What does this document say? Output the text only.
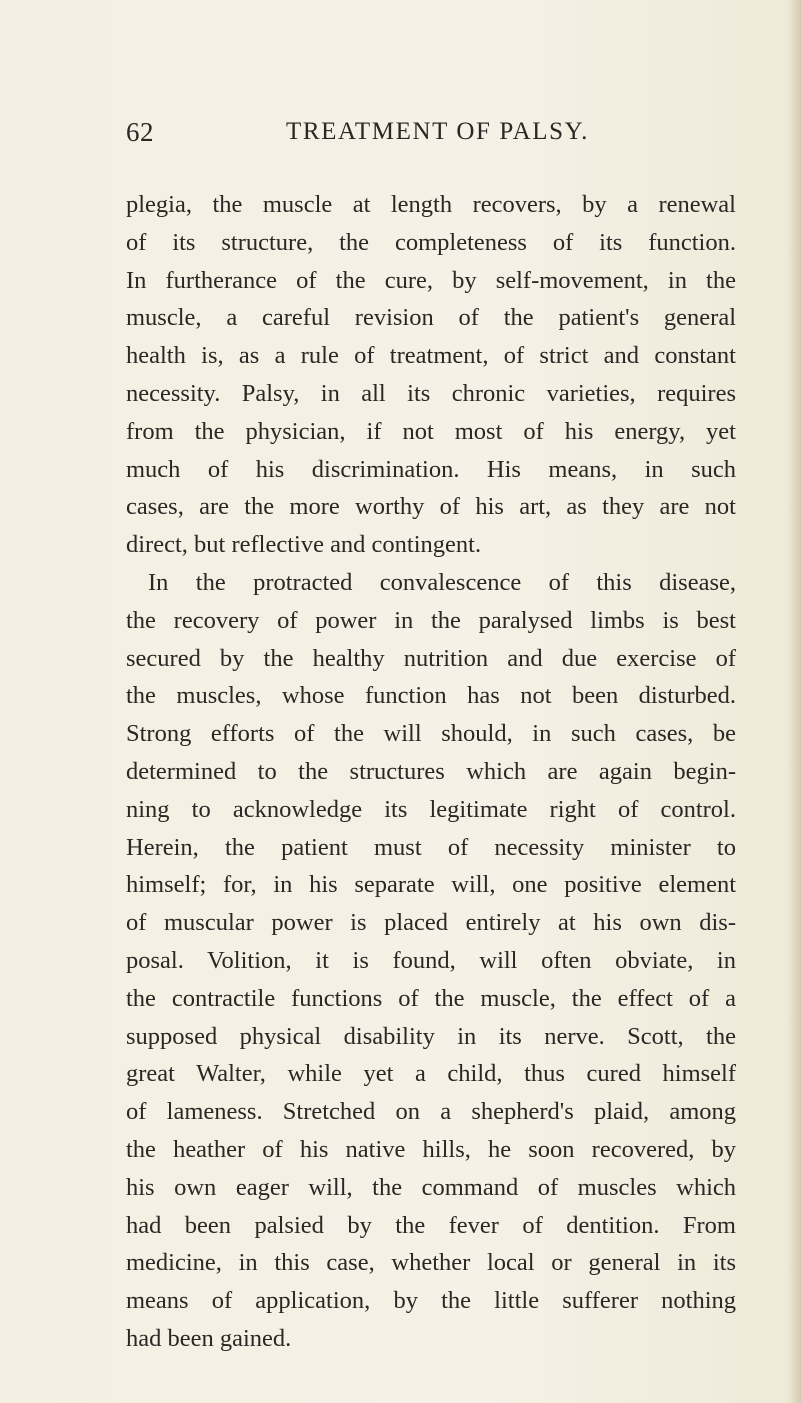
62	TREATMENT OF PALSY.
plegia, the muscle at length recovers, by a renewal
of its structure, the completeness of its function.
In furtherance of the cure, by self-movement, in the
muscle, a careful revision of the patient's general
health is, as a rule of treatment, of strict and constant
necessity. Palsy, in all its chronic varieties, requires
from the physician, if not most of his energy, yet
much of his discrimination. His means, in such
cases, are the more worthy of his art, as they are not
direct, but reflective and contingent.
In the protracted convalescence of this disease,
the recovery of power in the paralysed limbs is best
secured by the healthy nutrition and due exercise of
the muscles, whose function has not been disturbed.
Strong efforts of the will should, in such cases, be
determined to the structures which are again begin-
ning to acknowledge its legitimate right of control.
Herein, the patient must of necessity minister to
himself; for, in his separate will, one positive element
of muscular power is placed entirely at his own dis-
posal. Volition, it is found, will often obviate, in
the contractile functions of the muscle, the effect of a
supposed physical disability in its nerve. Scott, the
great Walter, while yet a child, thus cured himself
of lameness. Stretched on a shepherd's plaid, among
the heather of his native hills, he soon recovered, by
his own eager will, the command of muscles which
had been palsied by the fever of dentition. From
medicine, in this case, whether local or general in its
means of application, by the little sufferer nothing
had been gained.
